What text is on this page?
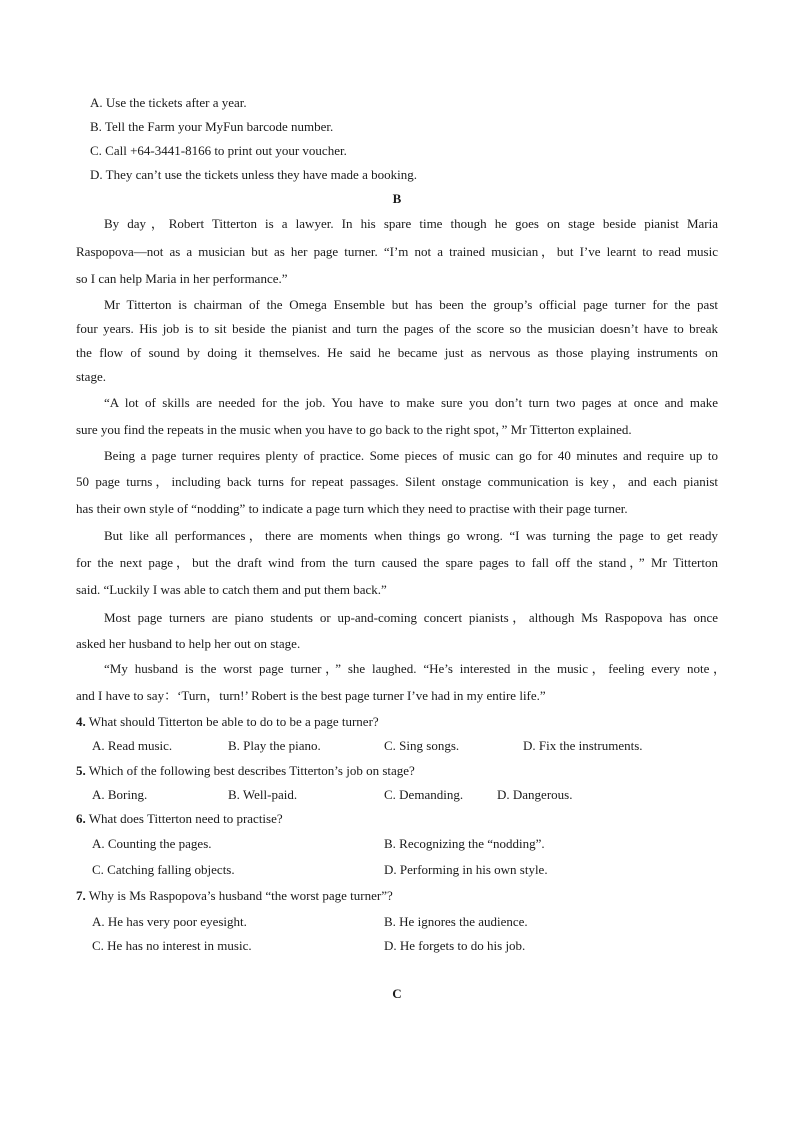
A. Use the tickets after a year.
B. Tell the Farm your MyFun barcode number.
C. Call +64-3441-8166 to print out your voucher.
D. They can’t use the tickets unless they have made a booking.
B
By day，Robert Titterton is a lawyer. In his spare time though he goes on stage beside pianist Maria
Raspopova—not as a musician but as her page turner. “I’m not a trained musician，but I’ve learnt to read music
so I can help Maria in her performance.”
Mr Titterton is chairman of the Omega Ensemble but has been the group’s official page turner for the past
four years. His job is to sit beside the pianist and turn the pages of the score so the musician doesn’t have to break
the flow of sound by doing it themselves. He said he became just as nervous as those playing instruments on
stage.
“A lot of skills are needed for the job. You have to make sure you don’t turn two pages at once and make
sure you find the repeats in the music when you have to go back to the right spot，” Mr Titterton explained.
Being a page turner requires plenty of practice. Some pieces of music can go for 40 minutes and require up to
50 page turns，including back turns for repeat passages. Silent onstage communication is key，and each pianist
has their own style of “nodding” to indicate a page turn which they need to practise with their page turner.
But like all performances，there are moments when things go wrong. “I was turning the page to get ready
for the next page，but the draft wind from the turn caused the spare pages to fall off the stand，” Mr Titterton
said. “Luckily I was able to catch them and put them back.”
Most page turners are piano students or up-and-coming concert pianists，although Ms Raspopova has once
asked her husband to help her out on stage.
“My husband is the worst page turner，” she laughed. “He’s interested in the music，feeling every note，
and I have to say：‘Turn，turn!’ Robert is the best page turner I’ve had in my entire life.”
4. What should Titterton be able to do to be a page turner?
A. Read music.	B. Play the piano.	C. Sing songs.	D. Fix the instruments.
5. Which of the following best describes Titterton’s job on stage?
A. Boring.	B. Well-paid.	C. Demanding.	D. Dangerous.
6. What does Titterton need to practise?
A. Counting the pages.	B. Recognizing the “nodding”.
C. Catching falling objects.	D. Performing in his own style.
7. Why is Ms Raspopova’s husband “the worst page turner”?
A. He has very poor eyesight.	B. He ignores the audience.
C. He has no interest in music.	D. He forgets to do his job.
C
